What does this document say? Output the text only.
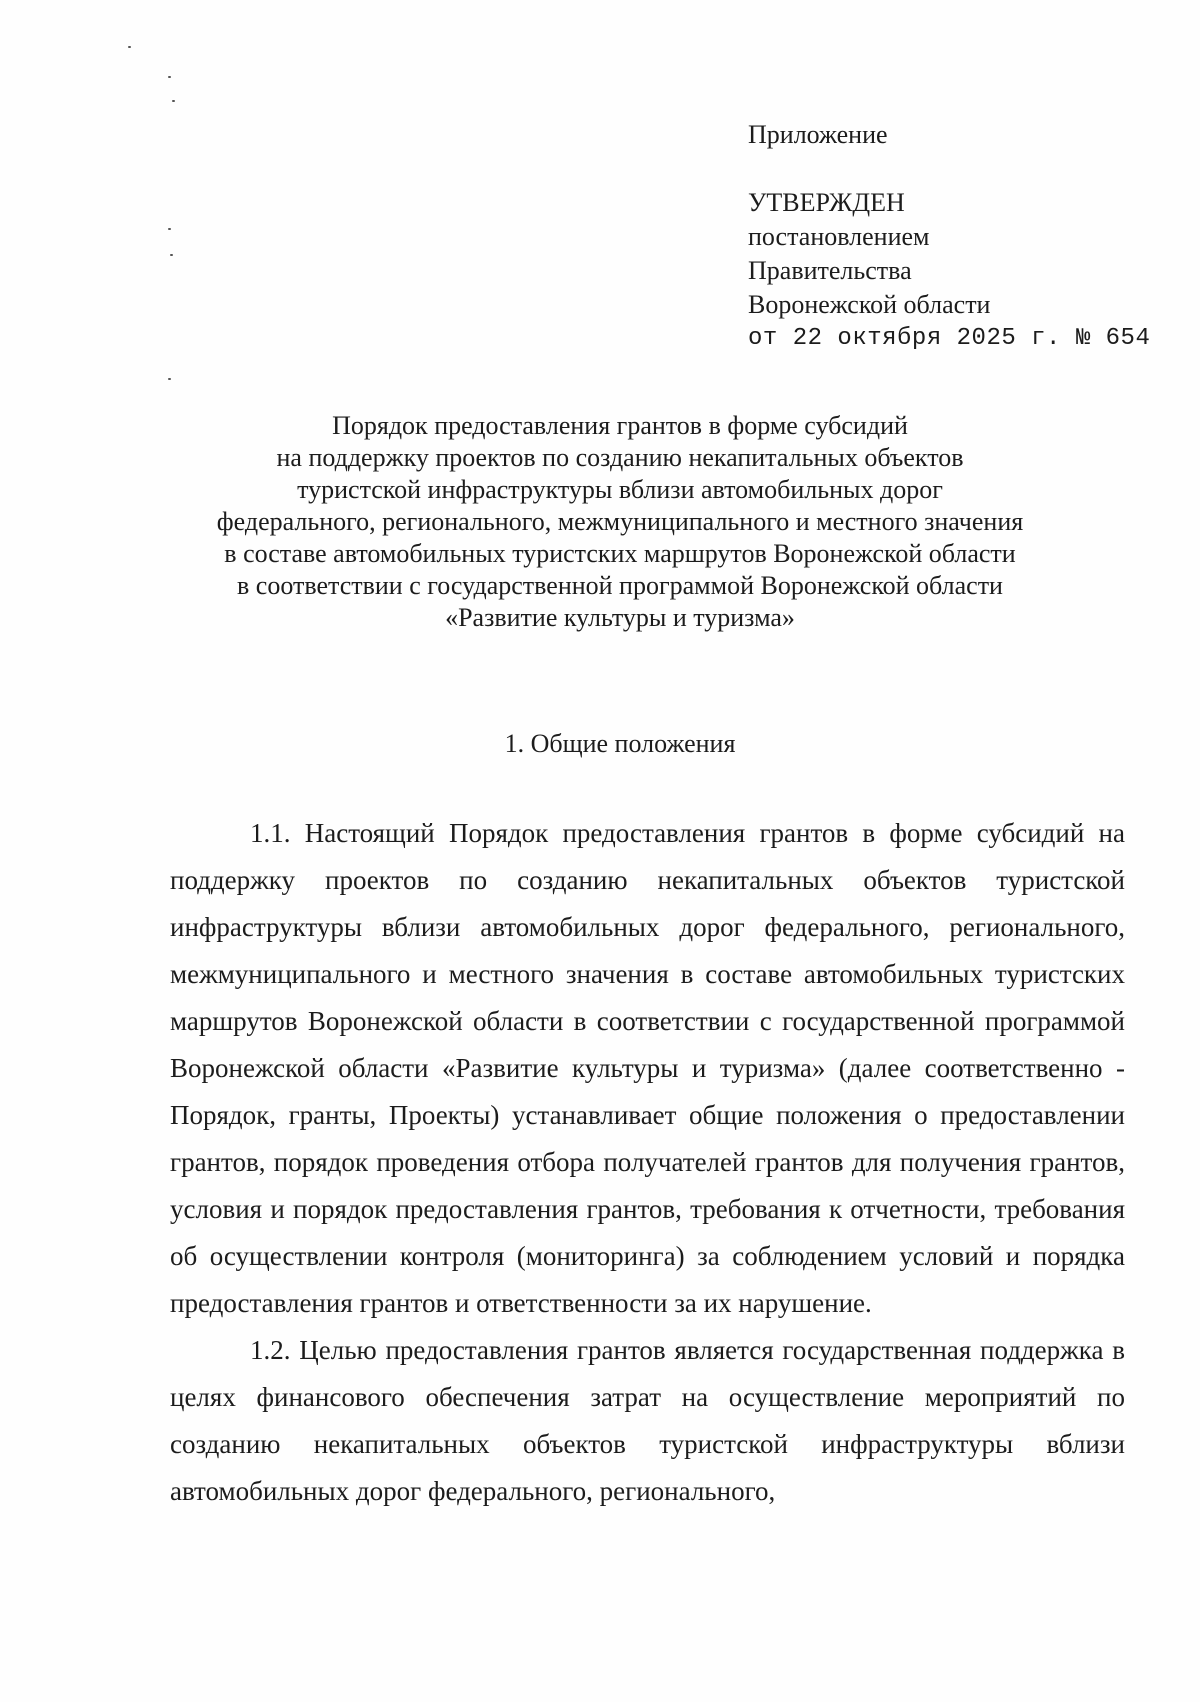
Приложение
УТВЕРЖДЕН
постановлением
Правительства
Воронежской области
от 22 октября 2025 г. № 654
Порядок предоставления грантов в форме субсидий
на поддержку проектов по созданию некапитальных объектов
туристской инфраструктуры вблизи автомобильных дорог
федерального, регионального, межмуниципального и местного значения
в составе автомобильных туристских маршрутов Воронежской области
в соответствии с государственной программой Воронежской области
«Развитие культуры и туризма»
1. Общие положения

1.1. Настоящий Порядок предоставления грантов в форме субсидий на поддержку проектов по созданию некапитальных объектов туристской инфраструктуры вблизи автомобильных дорог федерального, регионального, межмуниципального и местного значения в составе автомобильных туристских маршрутов Воронежской области в соответствии с государственной программой Воронежской области «Развитие культуры и туризма» (далее соответственно - Порядок, гранты, Проекты) устанавливает общие положения о предоставлении грантов, порядок проведения отбора получателей грантов для получения грантов, условия и порядок предоставления грантов, требования к отчетности, требования об осуществлении контроля (мониторинга) за соблюдением условий и порядка предоставления грантов и ответственности за их нарушение.

1.2. Целью предоставления грантов является государственная поддержка в целях финансового обеспечения затрат на осуществление мероприятий по созданию некапитальных объектов туристской инфраструктуры вблизи автомобильных дорог федерального, регионального,
